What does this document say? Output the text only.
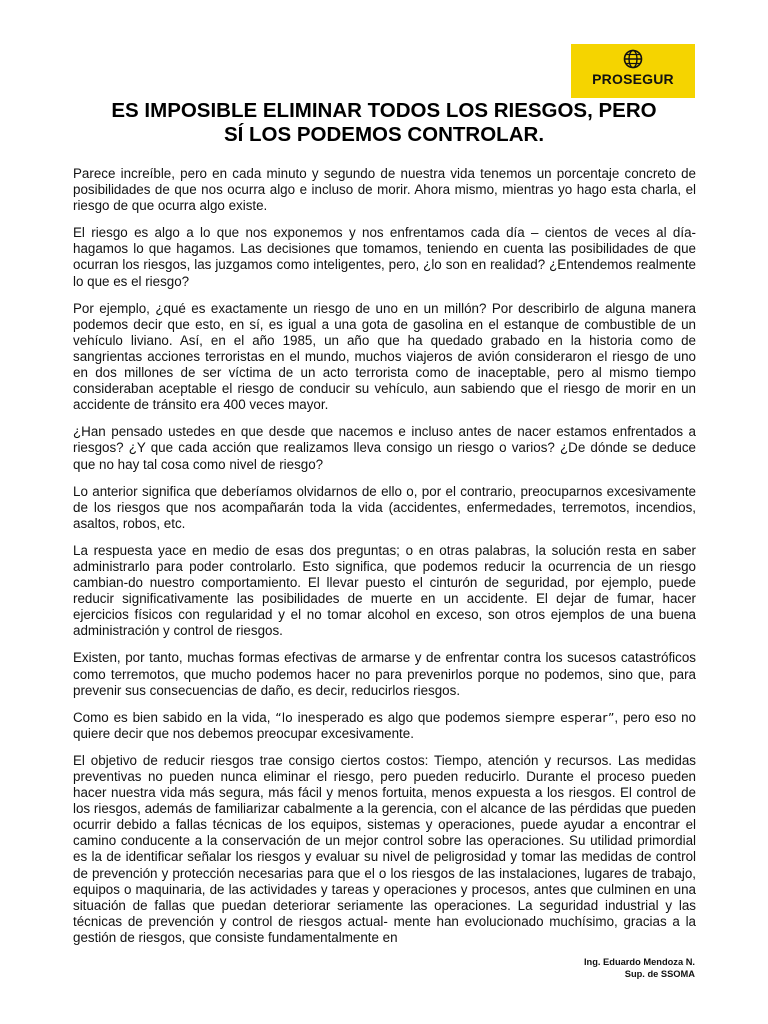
PROSEGUR
ES IMPOSIBLE ELIMINAR TODOS LOS RIESGOS, PERO
SÍ LOS PODEMOS CONTROLAR.

Parece increíble, pero en cada minuto y segundo de nuestra vida tenemos un porcentaje concreto de posibilidades de que nos ocurra algo e incluso de morir. Ahora mismo, mientras yo hago esta charla, el riesgo de que ocurra algo existe.

El riesgo es algo a lo que nos exponemos y nos enfrentamos cada día – cientos de veces al día- hagamos lo que hagamos. Las decisiones que tomamos, teniendo en cuenta las posibilidades de que ocurran los riesgos, las juzgamos como inteligentes, pero, ¿lo son en realidad? ¿Entendemos realmente lo que es el riesgo?

Por ejemplo, ¿qué es exactamente un riesgo de uno en un millón? Por describirlo de alguna manera podemos decir que esto, en sí, es igual a una gota de gasolina en el estanque de combustible de un vehículo liviano. Así, en el año 1985, un año que ha quedado grabado en la historia como de sangrientas acciones terroristas en el mundo, muchos viajeros de avión consideraron el riesgo de uno en dos millones de ser víctima de un acto terrorista como de inaceptable, pero al mismo tiempo consideraban aceptable el riesgo de conducir su vehículo, aun sabiendo que el riesgo de morir en un accidente de tránsito era 400 veces mayor.

¿Han pensado ustedes en que desde que nacemos e incluso antes de nacer estamos enfrentados a riesgos? ¿Y que cada acción que realizamos lleva consigo un riesgo o varios? ¿De dónde se deduce que no hay tal cosa como nivel de riesgo?

Lo anterior significa que deberíamos olvidarnos de ello o, por el contrario, preocuparnos excesivamente de los riesgos que nos acompañarán toda la vida (accidentes, enfermedades, terremotos, incendios, asaltos, robos, etc.

La respuesta yace en medio de esas dos preguntas; o en otras palabras, la solución resta en saber administrarlo para poder controlarlo. Esto significa, que podemos reducir la ocurrencia de un riesgo cambian-do nuestro comportamiento. El llevar puesto el cinturón de seguridad, por ejemplo, puede reducir significativamente las posibilidades de muerte en un accidente. El dejar de fumar, hacer ejercicios físicos con regularidad y el no tomar alcohol en exceso, son otros ejemplos de una buena administración y control de riesgos.

Existen, por tanto, muchas formas efectivas de armarse y de enfrentar contra los sucesos catastróficos como terremotos, que mucho podemos hacer no para prevenirlos porque no podemos, sino que, para prevenir sus consecuencias de daño, es decir, reducirlos riesgos.

Como es bien sabido en la vida, “lo inesperado es algo que podemos siempre esperar”, pero eso no quiere decir que nos debemos preocupar excesivamente.

El objetivo de reducir riesgos trae consigo ciertos costos: Tiempo, atención y recursos. Las medidas preventivas no pueden nunca eliminar el riesgo, pero pueden reducirlo. Durante el proceso pueden hacer nuestra vida más segura, más fácil y menos fortuita, menos expuesta a los riesgos. El control de los riesgos, además de familiarizar cabalmente a la gerencia, con el alcance de las pérdidas que pueden ocurrir debido a fallas técnicas de los equipos, sistemas y operaciones, puede ayudar a encontrar el camino conducente a la conservación de un mejor control sobre las operaciones. Su utilidad primordial es la de identificar señalar los riesgos y evaluar su nivel de peligrosidad y tomar las medidas de control de prevención y protección necesarias para que el o los riesgos de las instalaciones, lugares de trabajo, equipos o maquinaria, de las actividades y tareas y operaciones y procesos, antes que culminen en una situación de fallas que puedan deteriorar seriamente las operaciones. La seguridad industrial y las técnicas de prevención y control de riesgos actual- mente han evolucionado muchísimo, gracias a la gestión de riesgos, que consiste fundamentalmente en

Ing. Eduardo Mendoza N.
Sup. de SSOMA
